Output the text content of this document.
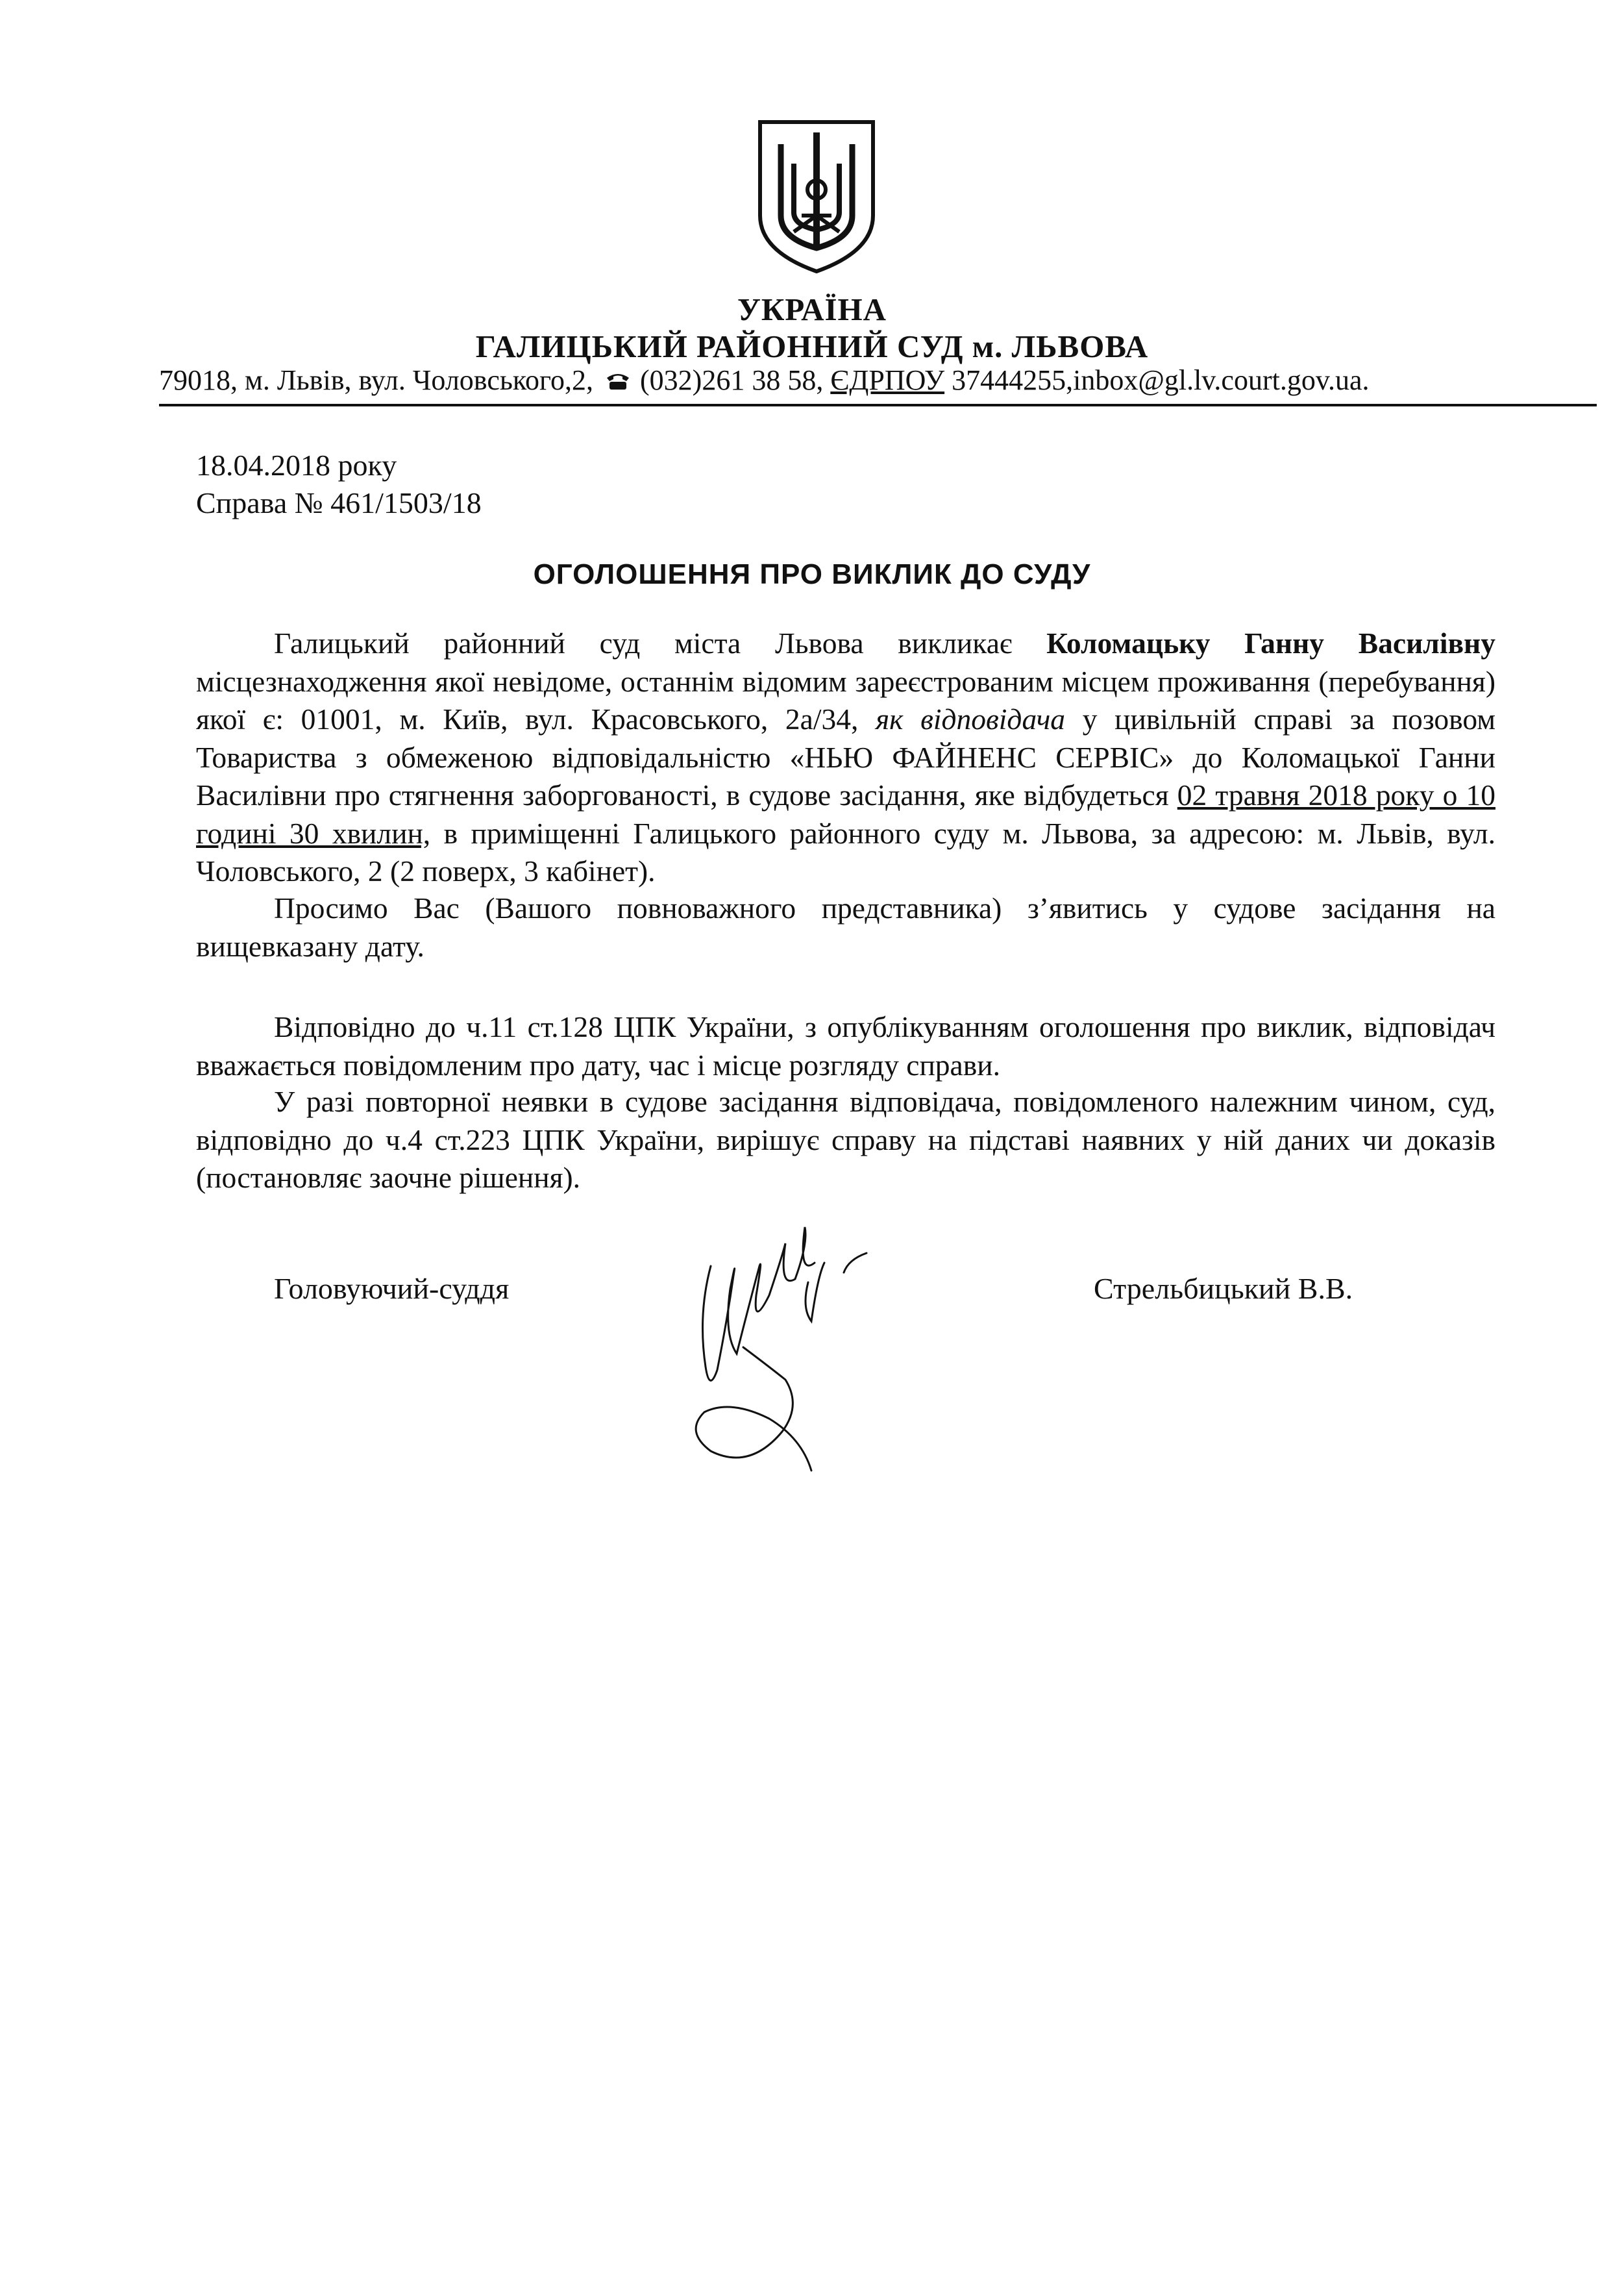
УКРАЇНА
ГАЛИЦЬКИЙ РАЙОННИЙ СУД м. ЛЬВОВА
79018, м. Львів, вул. Чоловського,2, (032)261 38 58, ЄДРПОУ 37444255,inbox@gl.lv.court.gov.ua.
18.04.2018 року
Справа № 461/1503/18
ОГОЛОШЕННЯ ПРО ВИКЛИК ДО СУДУ

Галицький районний суд міста Львова викликає Коломацьку Ганну Василівну місцезнаходження якої невідоме, останнім відомим зареєстрованим місцем проживання (перебування) якої є: 01001, м. Київ, вул. Красовського, 2а/34, як відповідача у цивільній справі за позовом Товариства з обмеженою відповідальністю «НЬЮ ФАЙНЕНС СЕРВІС» до Коломацької Ганни Василівни про стягнення заборгованості, в судове засідання, яке відбудеться 02 травня 2018 року о 10 годині 30 хвилин, в приміщенні Галицького районного суду м. Львова, за адресою: м. Львів, вул. Чоловського, 2 (2 поверх, 3 кабінет).

Просимо Вас (Вашого повноважного представника) з’явитись у судове засідання на вищевказану дату.

Відповідно до ч.11 ст.128 ЦПК України, з опублікуванням оголошення про виклик, відповідач вважається повідомленим про дату, час і місце розгляду справи.

У разі повторної неявки в судове засідання відповідача, повідомленого належним чином, суд, відповідно до ч.4 ст.223 ЦПК України, вирішує справу на підставі наявних у ній даних чи доказів (постановляє заочне рішення).

Головуючий-суддя	Стрельбицький В.В.
